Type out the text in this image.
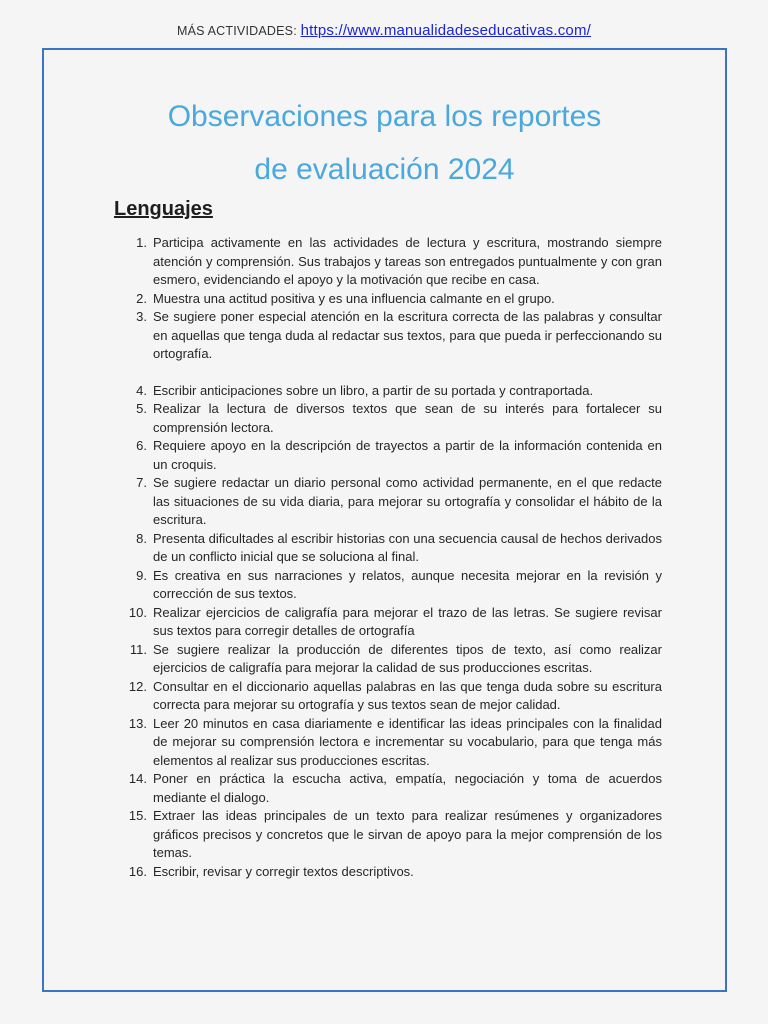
MÁS ACTIVIDADES: https://www.manualidadeseducativas.com/
Observaciones para los reportes
de evaluación 2024
Lenguajes
1. Participa activamente en las actividades de lectura y escritura, mostrando siempre atención y comprensión. Sus trabajos y tareas son entregados puntualmente y con gran esmero, evidenciando el apoyo y la motivación que recibe en casa.
2. Muestra una actitud positiva y es una influencia calmante en el grupo.
3. Se sugiere poner especial atención en la escritura correcta de las palabras y consultar en aquellas que tenga duda al redactar sus textos, para que pueda ir perfeccionando su ortografía.
4. Escribir anticipaciones sobre un libro, a partir de su portada y contraportada.
5. Realizar la lectura de diversos textos que sean de su interés para fortalecer su comprensión lectora.
6. Requiere apoyo en la descripción de trayectos a partir de la información contenida en un croquis.
7. Se sugiere redactar un diario personal como actividad permanente, en el que redacte las situaciones de su vida diaria, para mejorar su ortografía y consolidar el hábito de la escritura.
8. Presenta dificultades al escribir historias con una secuencia causal de hechos derivados de un conflicto inicial que se soluciona al final.
9. Es creativa en sus narraciones y relatos, aunque necesita mejorar en la revisión y corrección de sus textos.
10. Realizar ejercicios de caligrafía para mejorar el trazo de las letras. Se sugiere revisar sus textos para corregir detalles de ortografía
11. Se sugiere realizar la producción de diferentes tipos de texto, así como realizar ejercicios de caligrafía para mejorar la calidad de sus producciones escritas.
12. Consultar en el diccionario aquellas palabras en las que tenga duda sobre su escritura correcta para mejorar su ortografía y sus textos sean de mejor calidad.
13. Leer 20 minutos en casa diariamente e identificar las ideas principales con la finalidad de mejorar su comprensión lectora e incrementar su vocabulario, para que tenga más elementos al realizar sus producciones escritas.
14. Poner en práctica la escucha activa, empatía, negociación y toma de acuerdos mediante el dialogo.
15. Extraer las ideas principales de un texto para realizar resúmenes y organizadores gráficos precisos y concretos que le sirvan de apoyo para la mejor comprensión de los temas.
16. Escribir, revisar y corregir textos descriptivos.
